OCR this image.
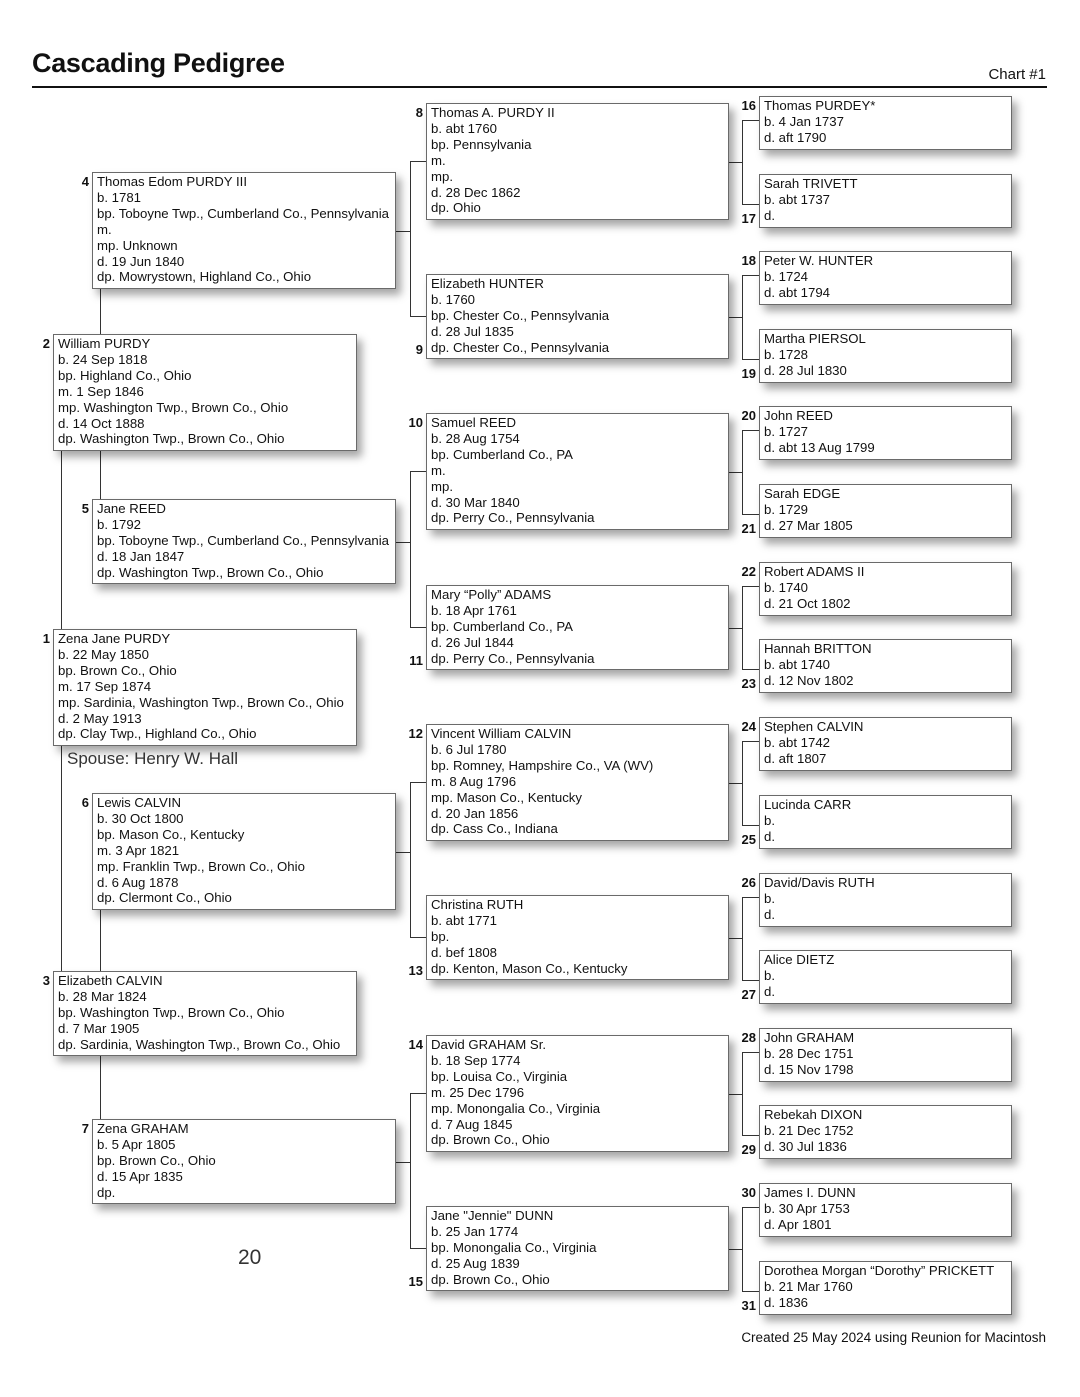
Cascading Pedigree	Chart #1
Thomas Edom PURDY III
b. 1781
bp. Toboyne Twp., Cumberland Co., Pennsylvania
m.
mp. Unknown
d. 19 Jun 1840
dp. Mowrystown, Highland Co., Ohio
4
William PURDY
b. 24 Sep 1818
bp. Highland Co., Ohio
m. 1 Sep 1846
mp. Washington Twp., Brown Co., Ohio
d. 14 Oct 1888
dp. Washington Twp., Brown Co., Ohio
2
Jane REED
b. 1792
bp. Toboyne Twp., Cumberland Co., Pennsylvania
d. 18 Jan 1847
dp. Washington Twp., Brown Co., Ohio
5
Zena Jane PURDY
b. 22 May 1850
bp. Brown Co., Ohio
m. 17 Sep 1874
mp. Sardinia, Washington Twp., Brown Co., Ohio
d. 2 May 1913
dp. Clay Twp., Highland Co., Ohio
1
Lewis CALVIN
b. 30 Oct 1800
bp. Mason Co., Kentucky
m. 3 Apr 1821
mp. Franklin Twp., Brown Co., Ohio
d. 6 Aug 1878
dp. Clermont Co., Ohio
6
Elizabeth CALVIN
b. 28 Mar 1824
bp. Washington Twp., Brown Co., Ohio
d. 7 Mar 1905
dp. Sardinia, Washington Twp., Brown Co., Ohio
3
Zena GRAHAM
b. 5 Apr 1805
bp. Brown Co., Ohio
d. 15 Apr 1835
dp.
7
Thomas A. PURDY II
b. abt 1760
bp. Pennsylvania
m.
mp.
d. 28 Dec 1862
dp. Ohio
8
Elizabeth HUNTER
b. 1760
bp. Chester Co., Pennsylvania
d. 28 Jul 1835
dp. Chester Co., Pennsylvania
9
Samuel REED
b. 28 Aug 1754
bp. Cumberland Co., PA
m.
mp.
d. 30 Mar 1840
dp. Perry Co., Pennsylvania
10
Mary “Polly” ADAMS
b. 18 Apr 1761
bp. Cumberland Co., PA
d. 26 Jul 1844
dp. Perry Co., Pennsylvania
11
Vincent William CALVIN
b. 6 Jul 1780
bp. Romney, Hampshire Co., VA (WV)
m. 8 Aug 1796
mp. Mason Co., Kentucky
d. 20 Jan 1856
dp. Cass Co., Indiana
12
Christina RUTH
b. abt 1771
bp.
d. bef 1808
dp. Kenton, Mason Co., Kentucky
13
David GRAHAM Sr.
b. 18 Sep 1774
bp. Louisa Co., Virginia
m. 25 Dec 1796
mp. Monongalia Co., Virginia
d. 7 Aug 1845
dp. Brown Co., Ohio
14
Jane "Jennie" DUNN
b. 25 Jan 1774
bp. Monongalia Co., Virginia
d. 25 Aug 1839
dp. Brown Co., Ohio
15
Thomas PURDEY*
b. 4 Jan 1737
d. aft 1790
16
Sarah TRIVETT
b. abt 1737
d.
17
Peter W. HUNTER
b. 1724
d. abt 1794
18
Martha PIERSOL
b. 1728
d. 28 Jul 1830
19
John REED
b. 1727
d. abt 13 Aug 1799
20
Sarah EDGE
b. 1729
d. 27 Mar 1805
21
Robert ADAMS II
b. 1740
d. 21 Oct 1802
22
Hannah BRITTON
b. abt 1740
d. 12 Nov 1802
23
Stephen CALVIN
b. abt 1742
d. aft 1807
24
Lucinda CARR
b.
d.
25
David/Davis RUTH
b.
d.
26
Alice DIETZ
b.
d.
27
John GRAHAM
b. 28 Dec 1751
d. 15 Nov 1798
28
Rebekah DIXON
b. 21 Dec 1752
d. 30 Jul 1836
29
James I. DUNN
b. 30 Apr 1753
d. Apr 1801
30
Dorothea Morgan “Dorothy” PRICKETT
b. 21 Mar 1760
d. 1836
31
Spouse: Henry W. Hall
20
Created 25 May 2024 using Reunion for Macintosh
